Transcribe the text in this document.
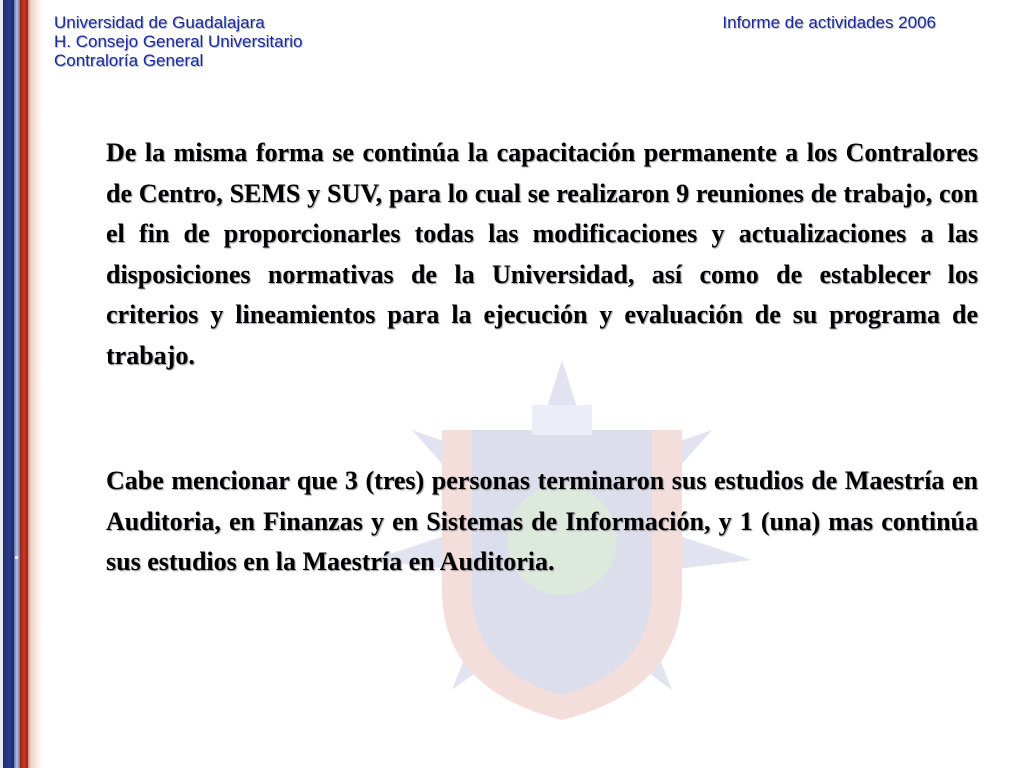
Universidad de Guadalajara
H. Consejo General Universitario
Contraloría General
Informe de actividades 2006

De la misma forma se continúa la capacitación permanente a los Contralores de Centro, SEMS y SUV, para lo cual se realizaron 9 reuniones de trabajo, con el fin de proporcionarles todas las modificaciones y actualizaciones a las disposiciones normativas de la Universidad, así como de establecer los criterios y lineamientos para la ejecución y evaluación de su programa de trabajo.

Cabe mencionar que 3 (tres) personas terminaron sus estudios de Maestría en Auditoria, en Finanzas y en Sistemas de Información, y 1 (una) mas continúa sus estudios en la Maestría en Auditoria.
